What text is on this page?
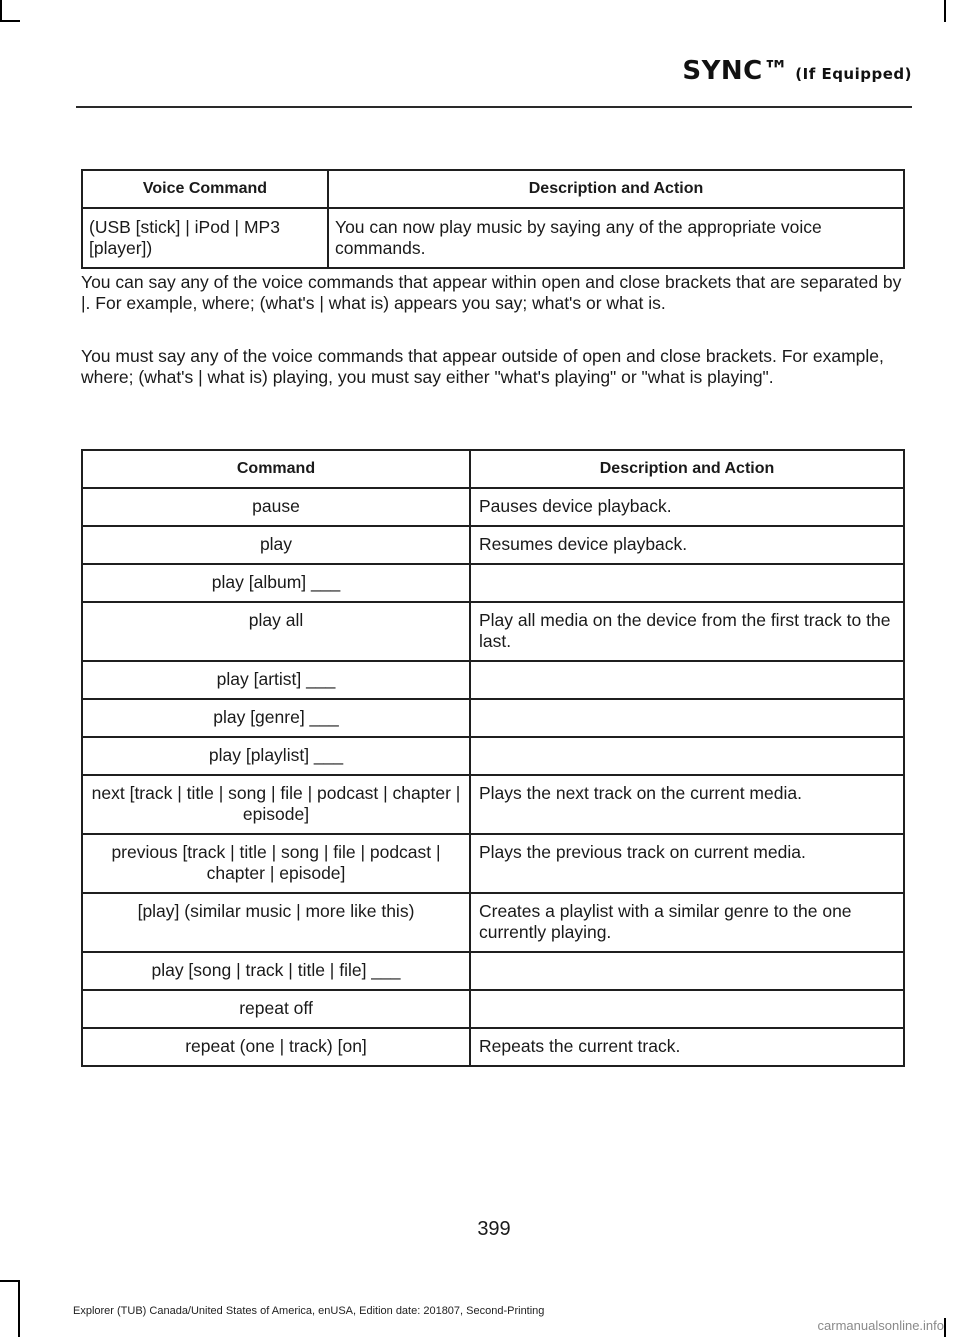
SYNC™ (If Equipped)
Voice Command	Description and Action
(USB [stick] | iPod | MP3 [player])	You can now play music by saying any of the appropriate voice commands.

You can say any of the voice commands that appear within open and close brackets that are separated by |. For example, where; (what's | what is) appears you say; what's or what is.

You must say any of the voice commands that appear outside of open and close brackets. For example, where; (what's | what is) playing, you must say either "what's playing" or "what is playing".

Command	Description and Action
pause	Pauses device playback.
play	Resumes device playback.
play [album] ___	
play all	Play all media on the device from the first track to the last.
play [artist] ___	
play [genre] ___	
play [playlist] ___	
next [track | title | song | file | podcast | chapter | episode]	Plays the next track on the current media.
previous [track | title | song | file | podcast | chapter | episode]	Plays the previous track on current media.
[play] (similar music | more like this)	Creates a playlist with a similar genre to the one currently playing.
play [song | track | title | file] ___	
repeat off	
repeat (one | track) [on]	Repeats the current track.
399
Explorer (TUB) Canada/United States of America, enUSA, Edition date: 201807, Second-Printing
carmanualsonline.info
